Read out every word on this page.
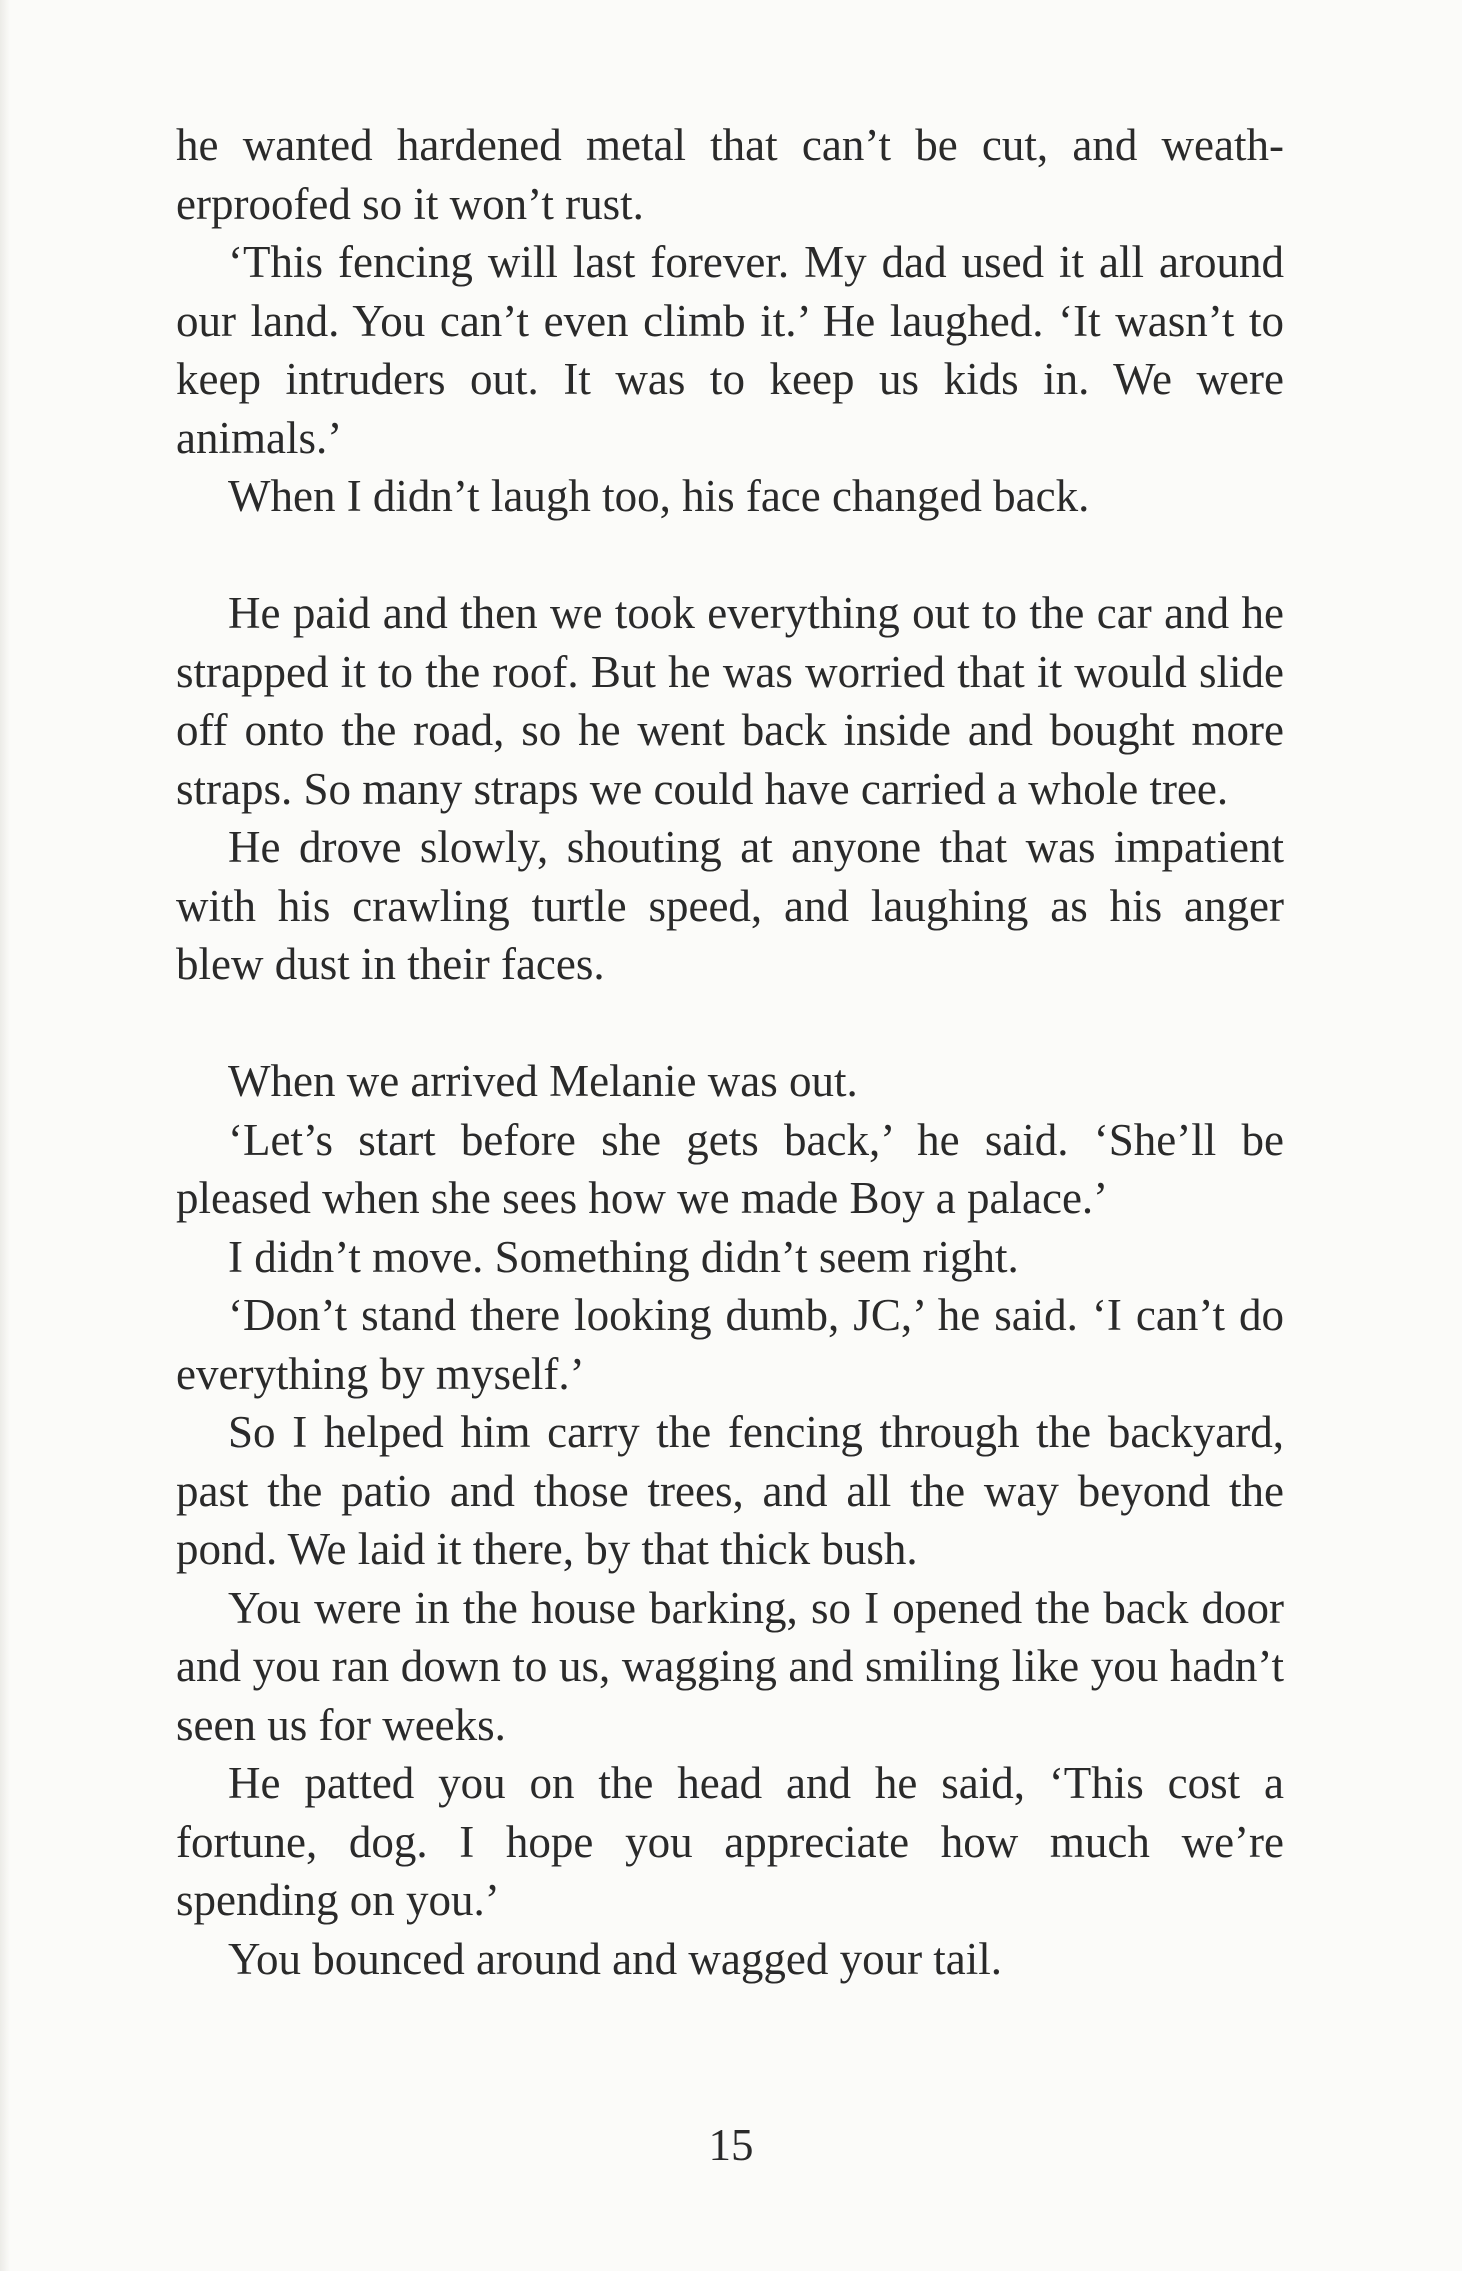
he wanted hardened metal that can’t be cut, and weatherproofed so it won’t rust.

‘This fencing will last forever. My dad used it all around our land. You can’t even climb it.’ He laughed. ‘It wasn’t to keep intruders out. It was to keep us kids in. We were animals.’

When I didn’t laugh too, his face changed back.

He paid and then we took everything out to the car and he strapped it to the roof. But he was worried that it would slide off onto the road, so he went back inside and bought more straps. So many straps we could have carried a whole tree.

He drove slowly, shouting at anyone that was impatient with his crawling turtle speed, and laughing as his anger blew dust in their faces.

When we arrived Melanie was out.

‘Let’s start before she gets back,’ he said. ‘She’ll be pleased when she sees how we made Boy a palace.’

I didn’t move. Something didn’t seem right.

‘Don’t stand there looking dumb, JC,’ he said. ‘I can’t do everything by myself.’

So I helped him carry the fencing through the backyard, past the patio and those trees, and all the way beyond the pond. We laid it there, by that thick bush.

You were in the house barking, so I opened the back door and you ran down to us, wagging and smiling like you hadn’t seen us for weeks.

He patted you on the head and he said, ‘This cost a fortune, dog. I hope you appreciate how much we’re spending on you.’

You bounced around and wagged your tail.

15
